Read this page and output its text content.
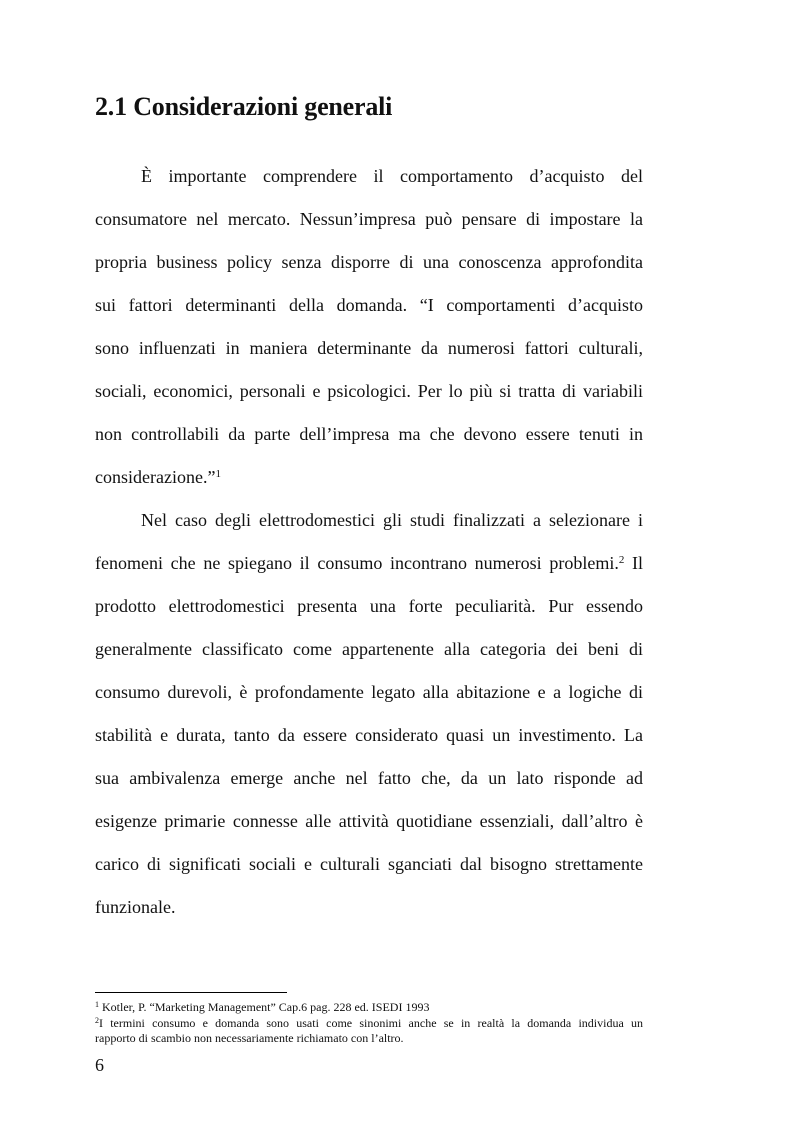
2.1 Considerazioni generali
È importante comprendere il comportamento d’acquisto del
consumatore nel mercato. Nessun’impresa può pensare di impostare la
propria business policy senza disporre di una conoscenza approfondita
sui fattori determinanti della domanda. “I comportamenti d’acquisto
sono influenzati in maniera determinante da numerosi fattori culturali,
sociali, economici, personali e psicologici. Per lo più si tratta di variabili
non controllabili da parte dell’impresa ma che devono essere tenuti in
considerazione.”$^1$
Nel caso degli elettrodomestici gli studi finalizzati a selezionare i
fenomeni che ne spiegano il consumo incontrano numerosi problemi.$^2$ Il
prodotto elettrodomestici presenta una forte peculiarità. Pur essendo
generalmente classificato come appartenente alla categoria dei beni di
consumo durevoli, è profondamente legato alla abitazione e a logiche di
stabilità e durata, tanto da essere considerato quasi un investimento. La
sua ambivalenza emerge anche nel fatto che, da un lato risponde ad
esigenze primarie connesse alle attività quotidiane essenziali, dall’altro è
carico di significati sociali e culturali sganciati dal bisogno strettamente
funzionale.
$^1$ Kotler, P. “Marketing Management” Cap.6 pag. 228 ed. ISEDI 1993
$^2$I termini consumo e domanda sono usati come sinonimi anche se in realtà la domanda individua un
rapporto di scambio non necessariamente richiamato con l’altro.
6
